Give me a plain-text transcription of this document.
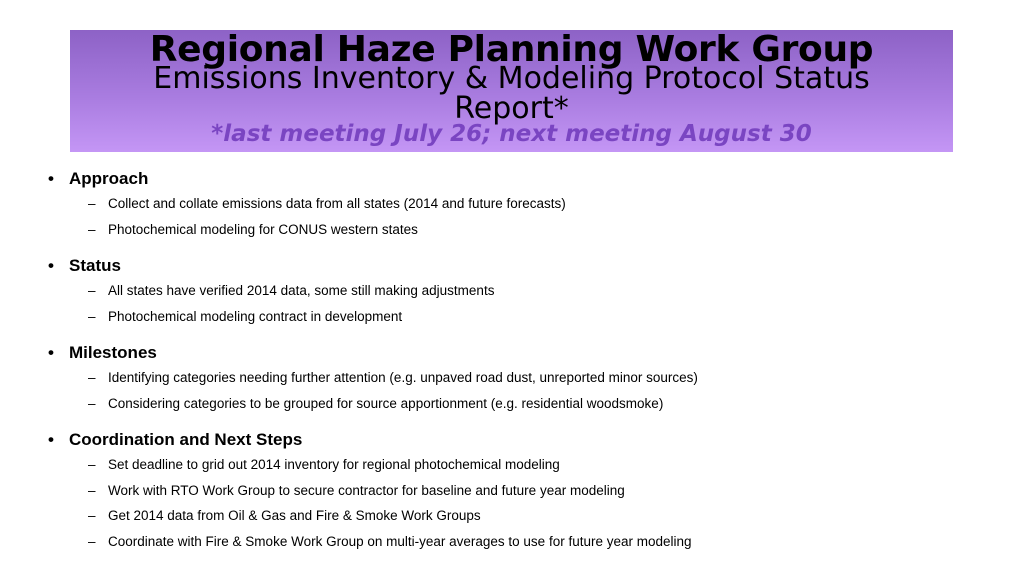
Regional Haze Planning Work Group
Emissions Inventory & Modeling Protocol Status Report*
*last meeting July 26; next meeting August 30
• Approach
– Collect and collate emissions data from all states (2014 and future forecasts)
– Photochemical modeling for CONUS western states
• Status
– All states have verified 2014 data, some still making adjustments
– Photochemical modeling contract in development
• Milestones
– Identifying categories needing further attention (e.g. unpaved road dust, unreported minor sources)
– Considering categories to be grouped for source apportionment (e.g. residential woodsmoke)
• Coordination and Next Steps
– Set deadline to grid out 2014 inventory for regional photochemical modeling
– Work with RTO Work Group to secure contractor for baseline and future year modeling
– Get 2014 data from Oil & Gas and Fire & Smoke Work Groups
– Coordinate with Fire & Smoke Work Group on multi-year averages to use for future year modeling
